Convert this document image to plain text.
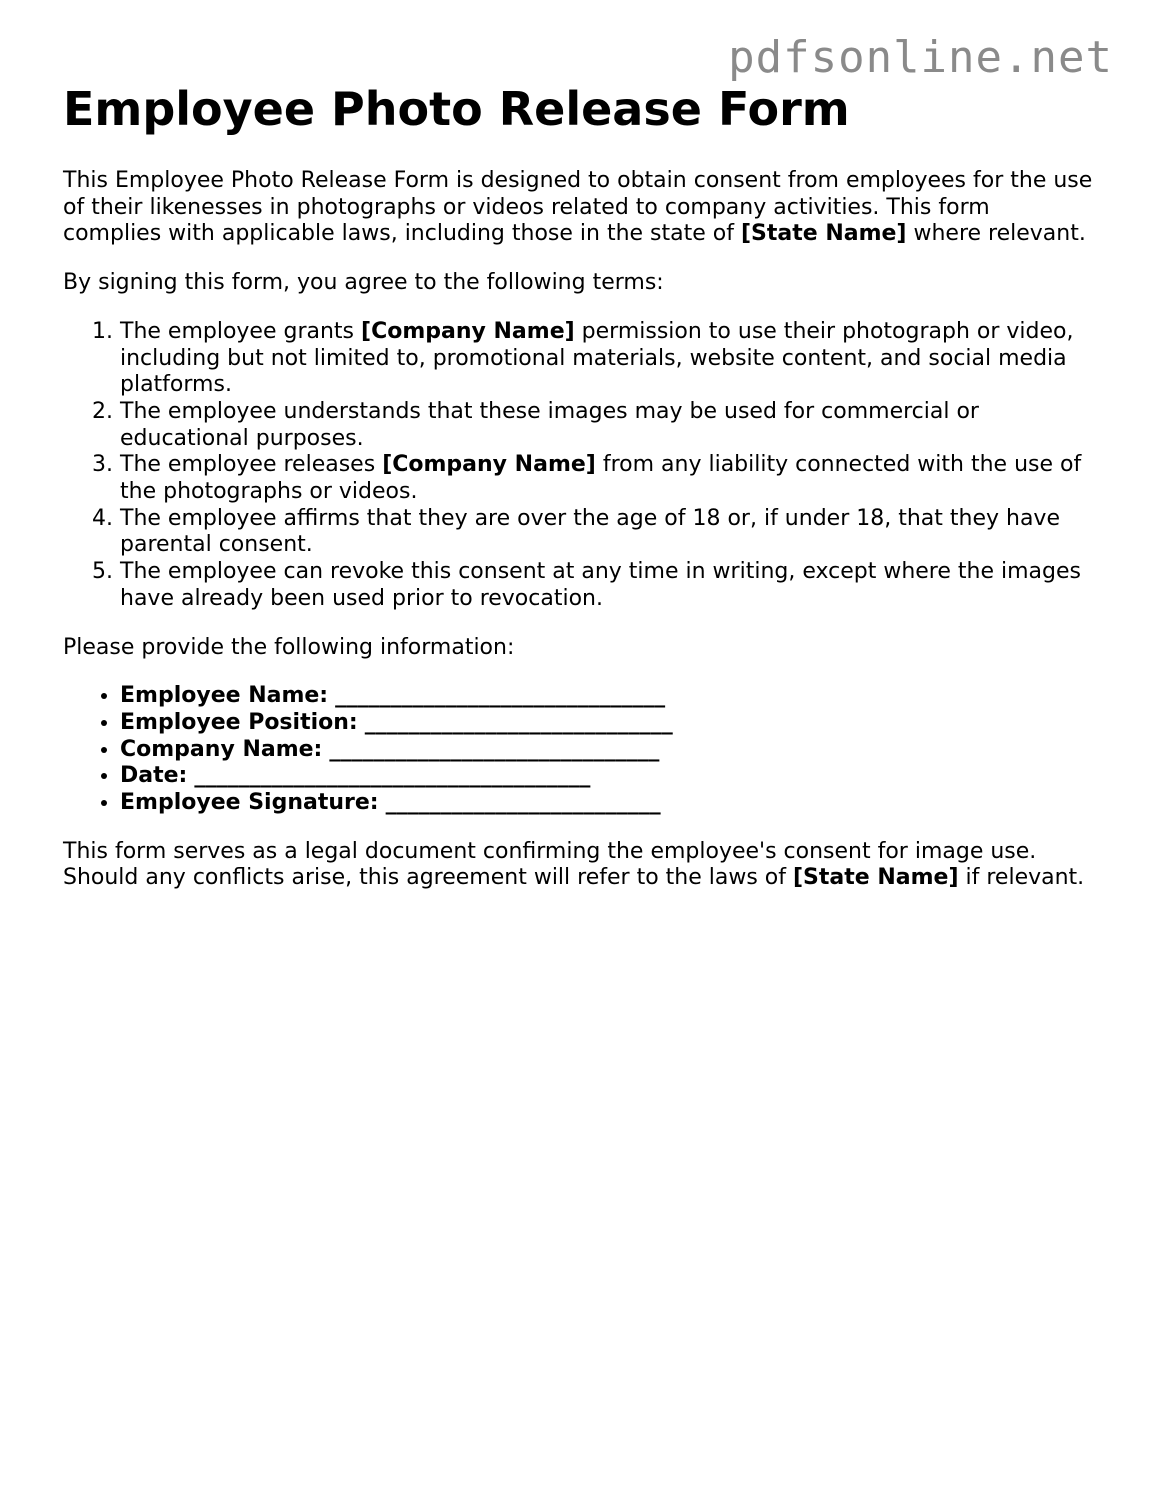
pdfsonline.net
Employee Photo Release Form

This Employee Photo Release Form is designed to obtain consent from employees for the use of their likenesses in photographs or videos related to company activities. This form complies with applicable laws, including those in the state of [State Name] where relevant.

By signing this form, you agree to the following terms:

1. The employee grants [Company Name] permission to use their photograph or video, including but not limited to, promotional materials, website content, and social media platforms.
2. The employee understands that these images may be used for commercial or educational purposes.
3. The employee releases [Company Name] from any liability connected with the use of the photographs or videos.
4. The employee affirms that they are over the age of 18 or, if under 18, that they have parental consent.
5. The employee can revoke this consent at any time in writing, except where the images have already been used prior to revocation.

Please provide the following information:

• Employee Name: ______________________________
• Employee Position: ____________________________
• Company Name: ______________________________
• Date: ____________________________________
• Employee Signature: _________________________

This form serves as a legal document confirming the employee's consent for image use. Should any conflicts arise, this agreement will refer to the laws of [State Name] if relevant.
